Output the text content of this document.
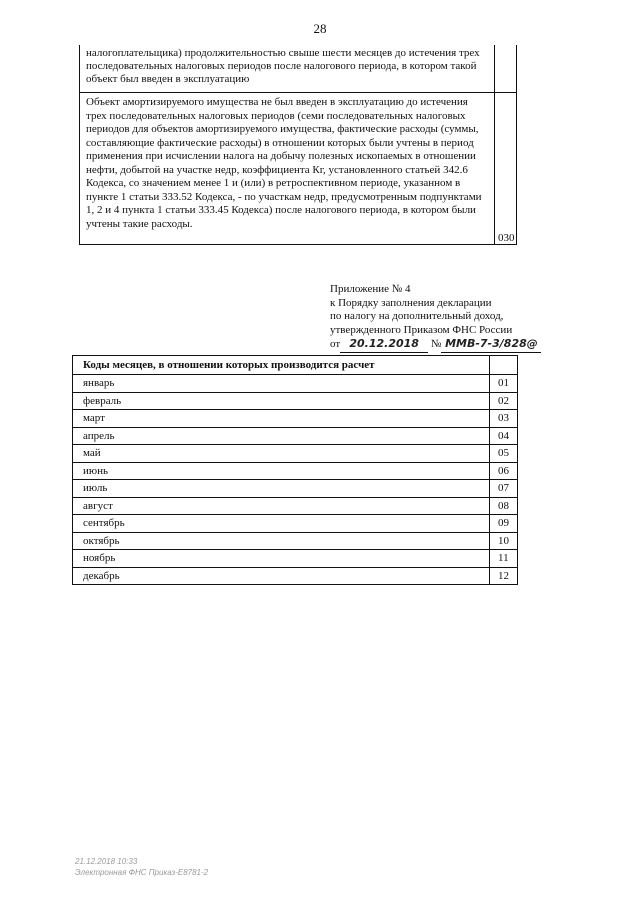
28
налогоплательщика) продолжительностью свыше шести месяцев до истечения трех последовательных налоговых периодов после налогового периода, в котором такой объект был введен в эксплуатацию
Объект амортизируемого имущества не был введен в эксплуатацию до истечения трех последовательных налоговых периодов (семи последовательных налоговых периодов для объектов амортизируемого имущества, фактические расходы (суммы, составляющие фактические расходы) в отношении которых были учтены в период применения при исчислении налога на добычу полезных ископаемых в отношении нефти, добытой на участке недр, коэффициента Кг, установленного статьей 342.6 Кодекса, со значением менее 1 и (или) в ретроспективном периоде, указанном в пункте 1 статьи 333.52 Кодекса, - по участкам недр, предусмотренным подпунктами 1, 2 и 4 пункта 1 статьи 333.45 Кодекса) после налогового периода, в котором были учтены такие расходы.
030
Приложение № 4
к Порядку заполнения декларации
по налогу на дополнительный доход,
утвержденного Приказом ФНС России
от 20.12.2018 № ММВ-7-3/828@
Коды месяцев, в отношении которых производится расчет
январь	01
февраль	02
март	03
апрель	04
май	05
июнь	06
июль	07
август	08
сентябрь	09
октябрь	10
ноябрь	11
декабрь	12
21.12.2018 10:33
Электронная ФНС Приказ-E8781-2
